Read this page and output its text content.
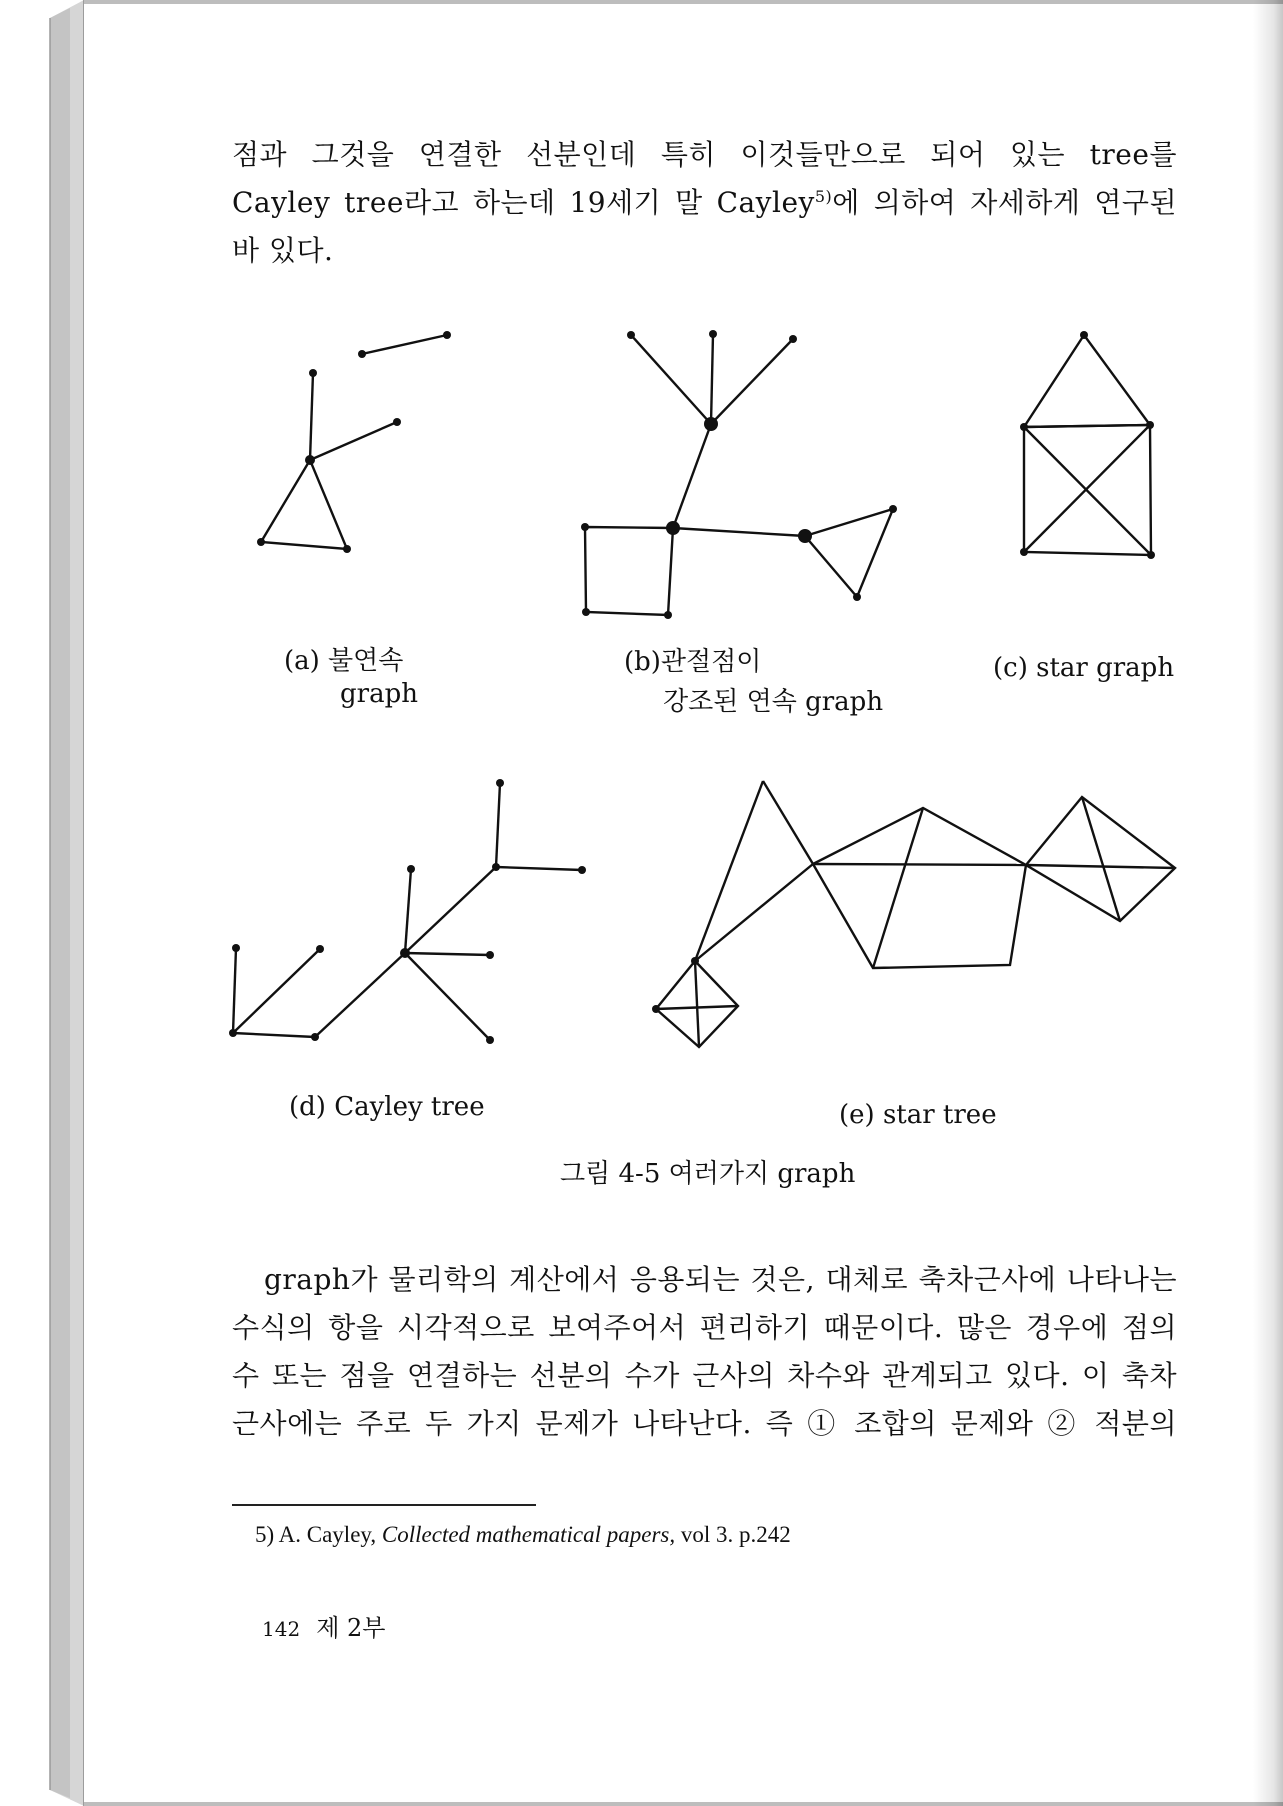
점과 그것을 연결한 선분인데 특히 이것들만으로 되어 있는 tree를
Cayley tree라고 하는데 19세기 말 Cayley$^{5)}$에 의하여 자세하게 연구된
바 있다.
(a) 불연속
graph
(b)관절점이
강조된 연속 graph
(c) star graph
(d) Cayley tree	(e) star tree
그림 4-5 여러가지 graph
graph가 물리학의 계산에서 응용되는 것은, 대체로 축차근사에 나타나는
수식의 항을 시각적으로 보여주어서 편리하기 때문이다. 많은 경우에 점의
수 또는 점을 연결하는 선분의 수가 근사의 차수와 관계되고 있다. 이 축차
근사에는 주로 두 가지 문제가 나타난다. 즉 ① 조합의 문제와 ② 적분의
5) A. Cayley, Collected mathematical papers, vol 3. p.242
142 제 2부
